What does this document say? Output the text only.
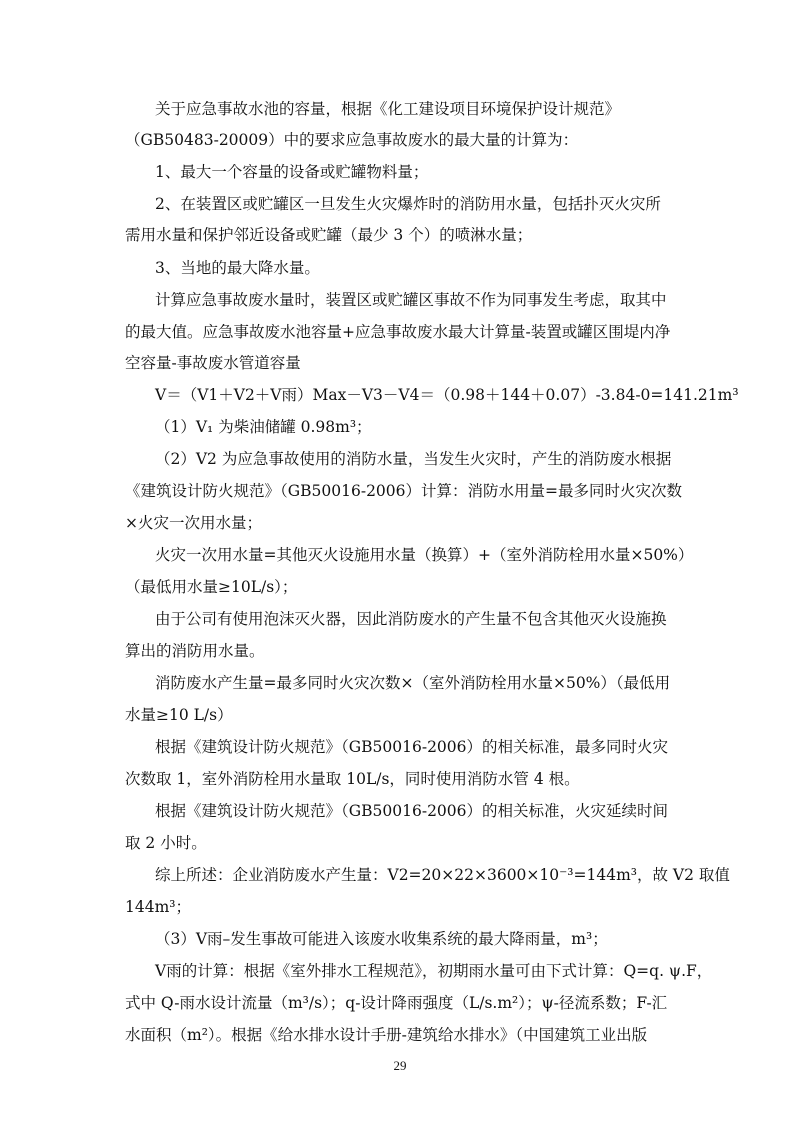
关于应急事故水池的容量，根据《化工建设项目环境保护设计规范》
（GB50483-20009）中的要求应急事故废水的最大量的计算为：
1、最大一个容量的设备或贮罐物料量；
2、在装置区或贮罐区一旦发生火灾爆炸时的消防用水量，包括扑灭火灾所
需用水量和保护邻近设备或贮罐（最少 3 个）的喷淋水量；
3、当地的最大降水量。
计算应急事故废水量时，装置区或贮罐区事故不作为同事发生考虑，取其中
的最大值。应急事故废水池容量+应急事故废水最大计算量-装置或罐区围堤内净
空容量-事故废水管道容量
V＝（V1＋V2＋V雨）Max－V3－V4＝（0.98＋144＋0.07）-3.84-0=141.21m³
（1）V₁ 为柴油储罐 0.98m³；
（2）V2 为应急事故使用的消防水量，当发生火灾时，产生的消防废水根据
《建筑设计防火规范》（GB50016-2006）计算：消防水用量=最多同时火灾次数
×火灾一次用水量；
火灾一次用水量=其他灭火设施用水量（换算）+（室外消防栓用水量×50%）
（最低用水量≥10L/s）；
由于公司有使用泡沫灭火器，因此消防废水的产生量不包含其他灭火设施换
算出的消防用水量。
消防废水产生量=最多同时火灾次数×（室外消防栓用水量×50%）（最低用
水量≥10 L/s）
根据《建筑设计防火规范》（GB50016-2006）的相关标准，最多同时火灾
次数取 1，室外消防栓用水量取 10L/s，同时使用消防水管 4 根。
根据《建筑设计防火规范》（GB50016-2006）的相关标准，火灾延续时间
取 2 小时。
综上所述：企业消防废水产生量：V2=20×22×3600×10⁻³=144m³，故 V2 取值
144m³；
（3）V雨–发生事故可能进入该废水收集系统的最大降雨量，m³；
V雨的计算：根据《室外排水工程规范》，初期雨水量可由下式计算：Q=q. ψ.F，
式中 Q-雨水设计流量（m³/s）；q-设计降雨强度（L/s.m²）；ψ-径流系数；F-汇
水面积（m²）。根据《给水排水设计手册-建筑给水排水》（中国建筑工业出版
29
